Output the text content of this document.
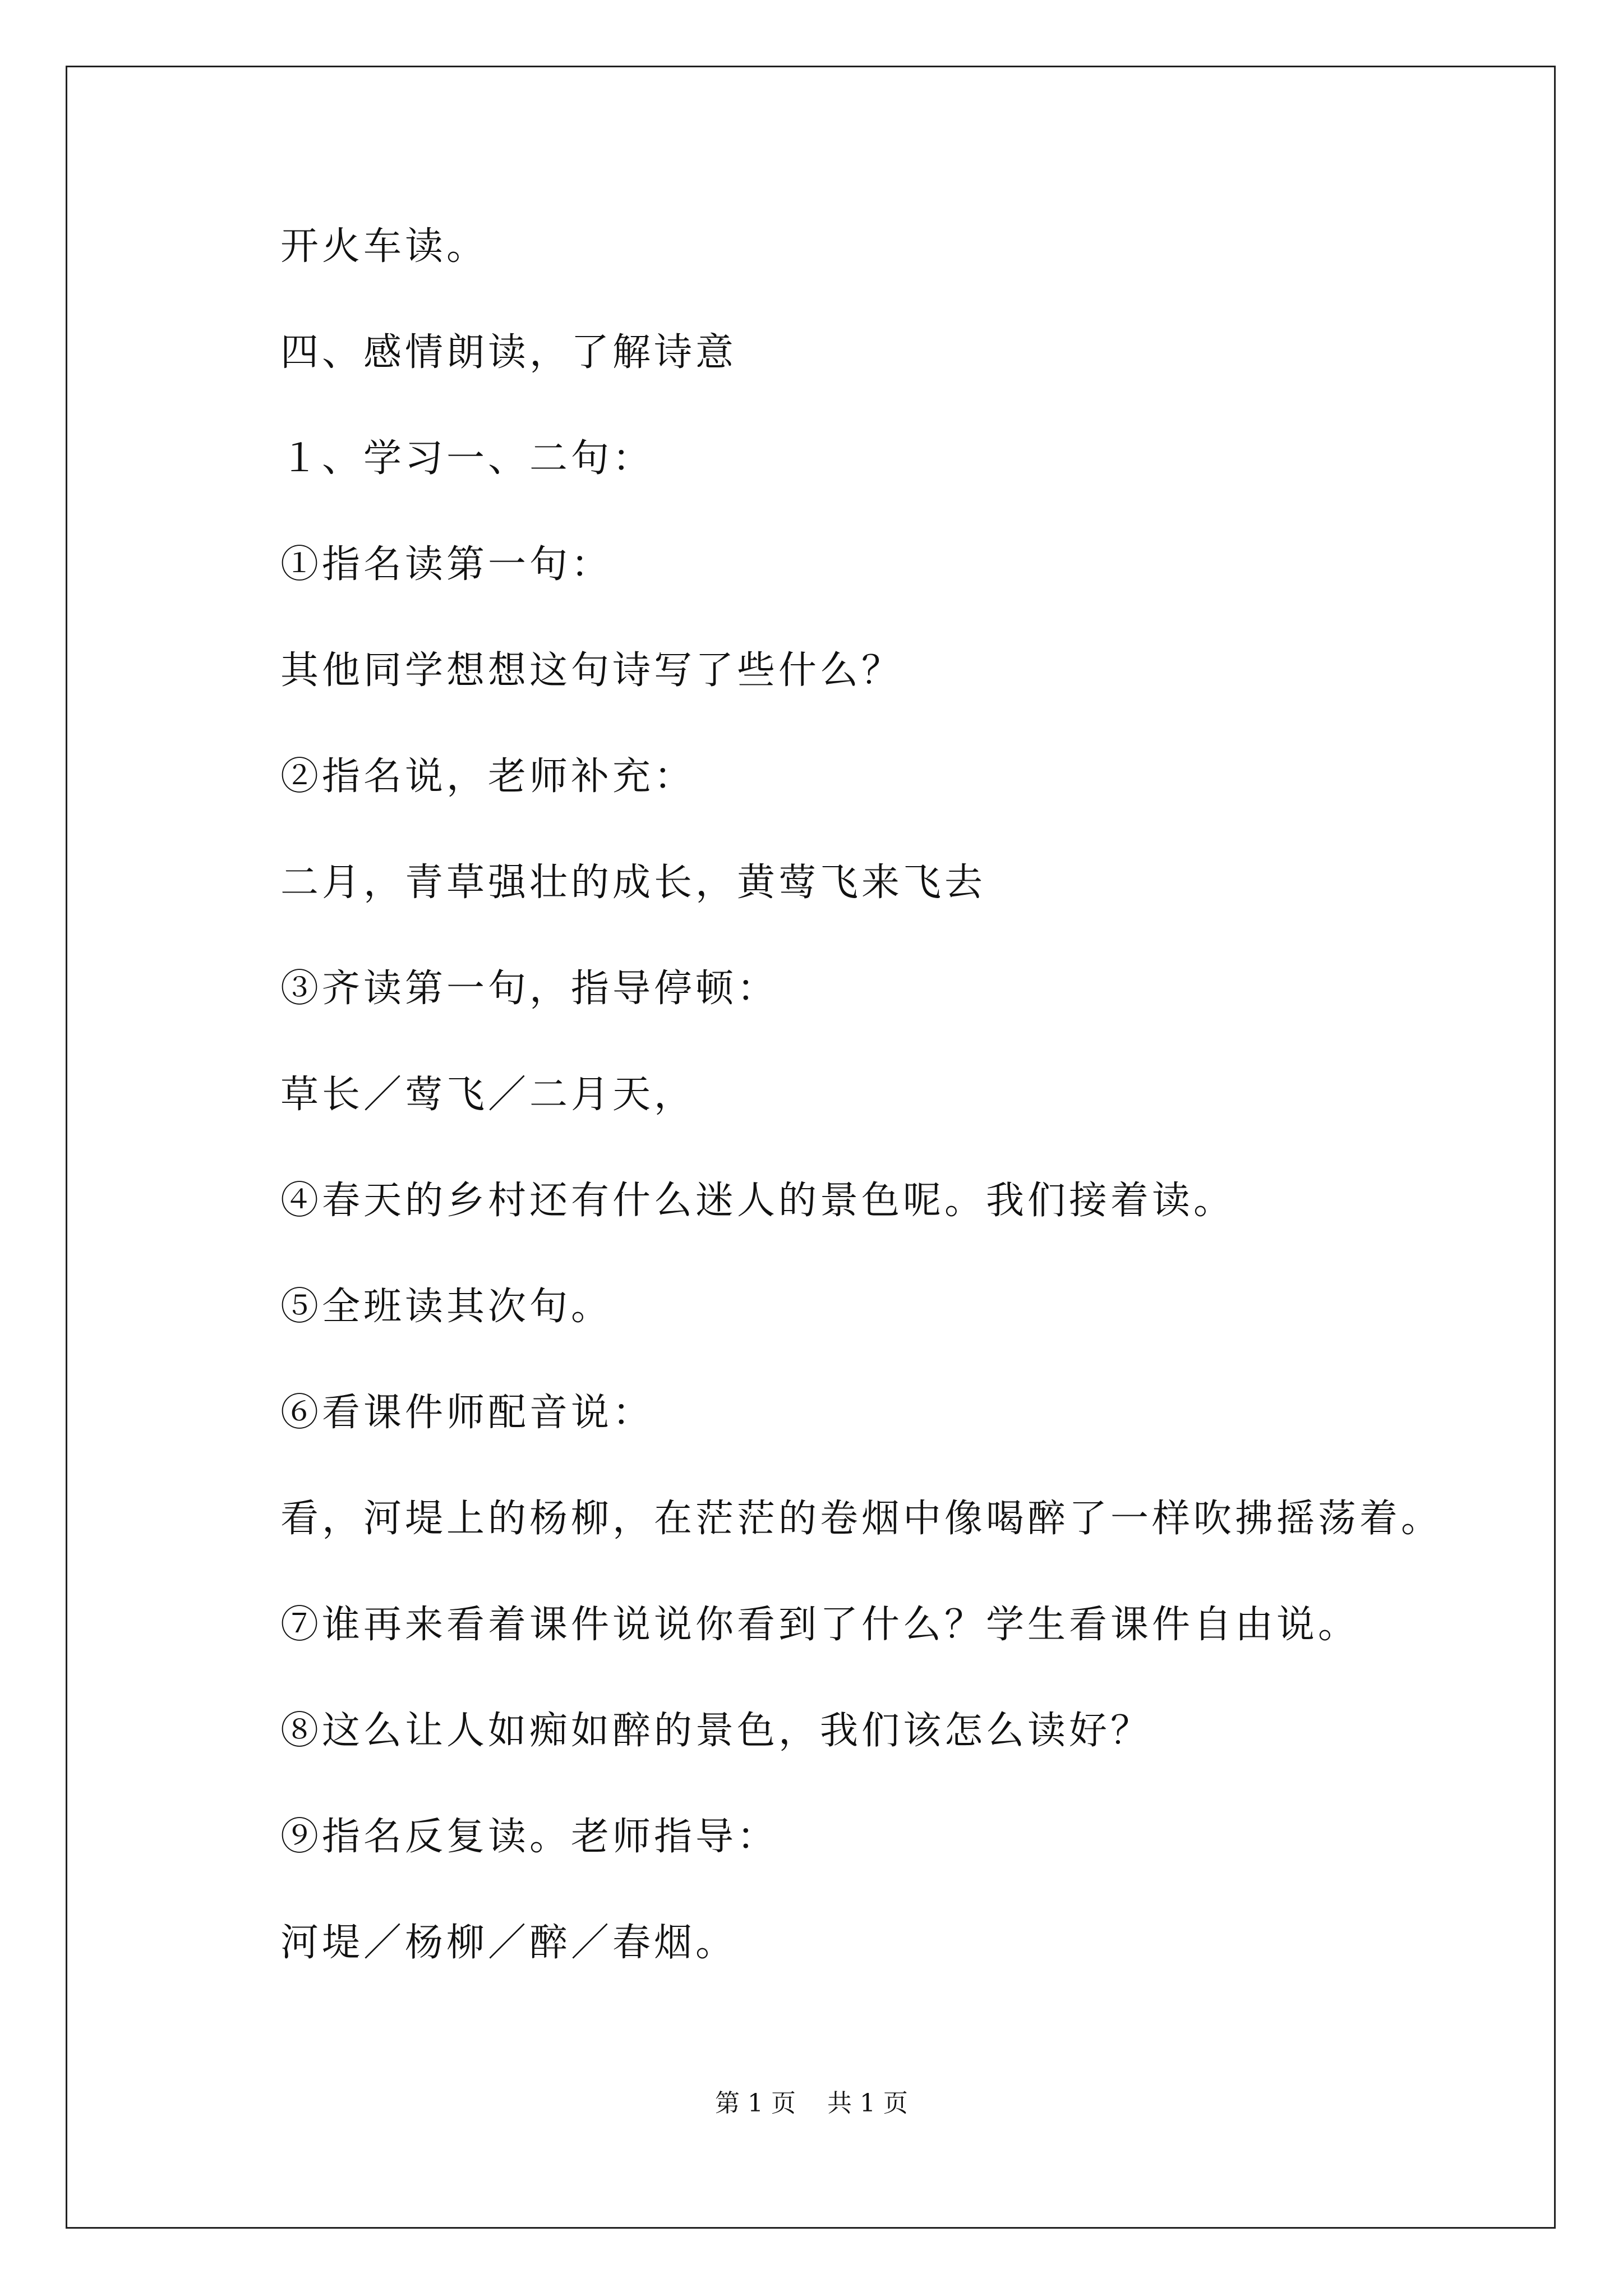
开火车读。
四、感情朗读，了解诗意
１、学习一、二句：
①指名读第一句：
其他同学想想这句诗写了些什么？
②指名说，老师补充：
二月，青草强壮的成长，黄莺飞来飞去
③齐读第一句，指导停顿：
草长／莺飞／二月天，
④春天的乡村还有什么迷人的景色呢。我们接着读。
⑤全班读其次句。
⑥看课件师配音说：
看，河堤上的杨柳，在茫茫的卷烟中像喝醉了一样吹拂摇荡着。
⑦谁再来看着课件说说你看到了什么？学生看课件自由说。
⑧这么让人如痴如醉的景色，我们该怎么读好？
⑨指名反复读。老师指导：
河堤／杨柳／醉／春烟。
第 1 页    共 1 页
